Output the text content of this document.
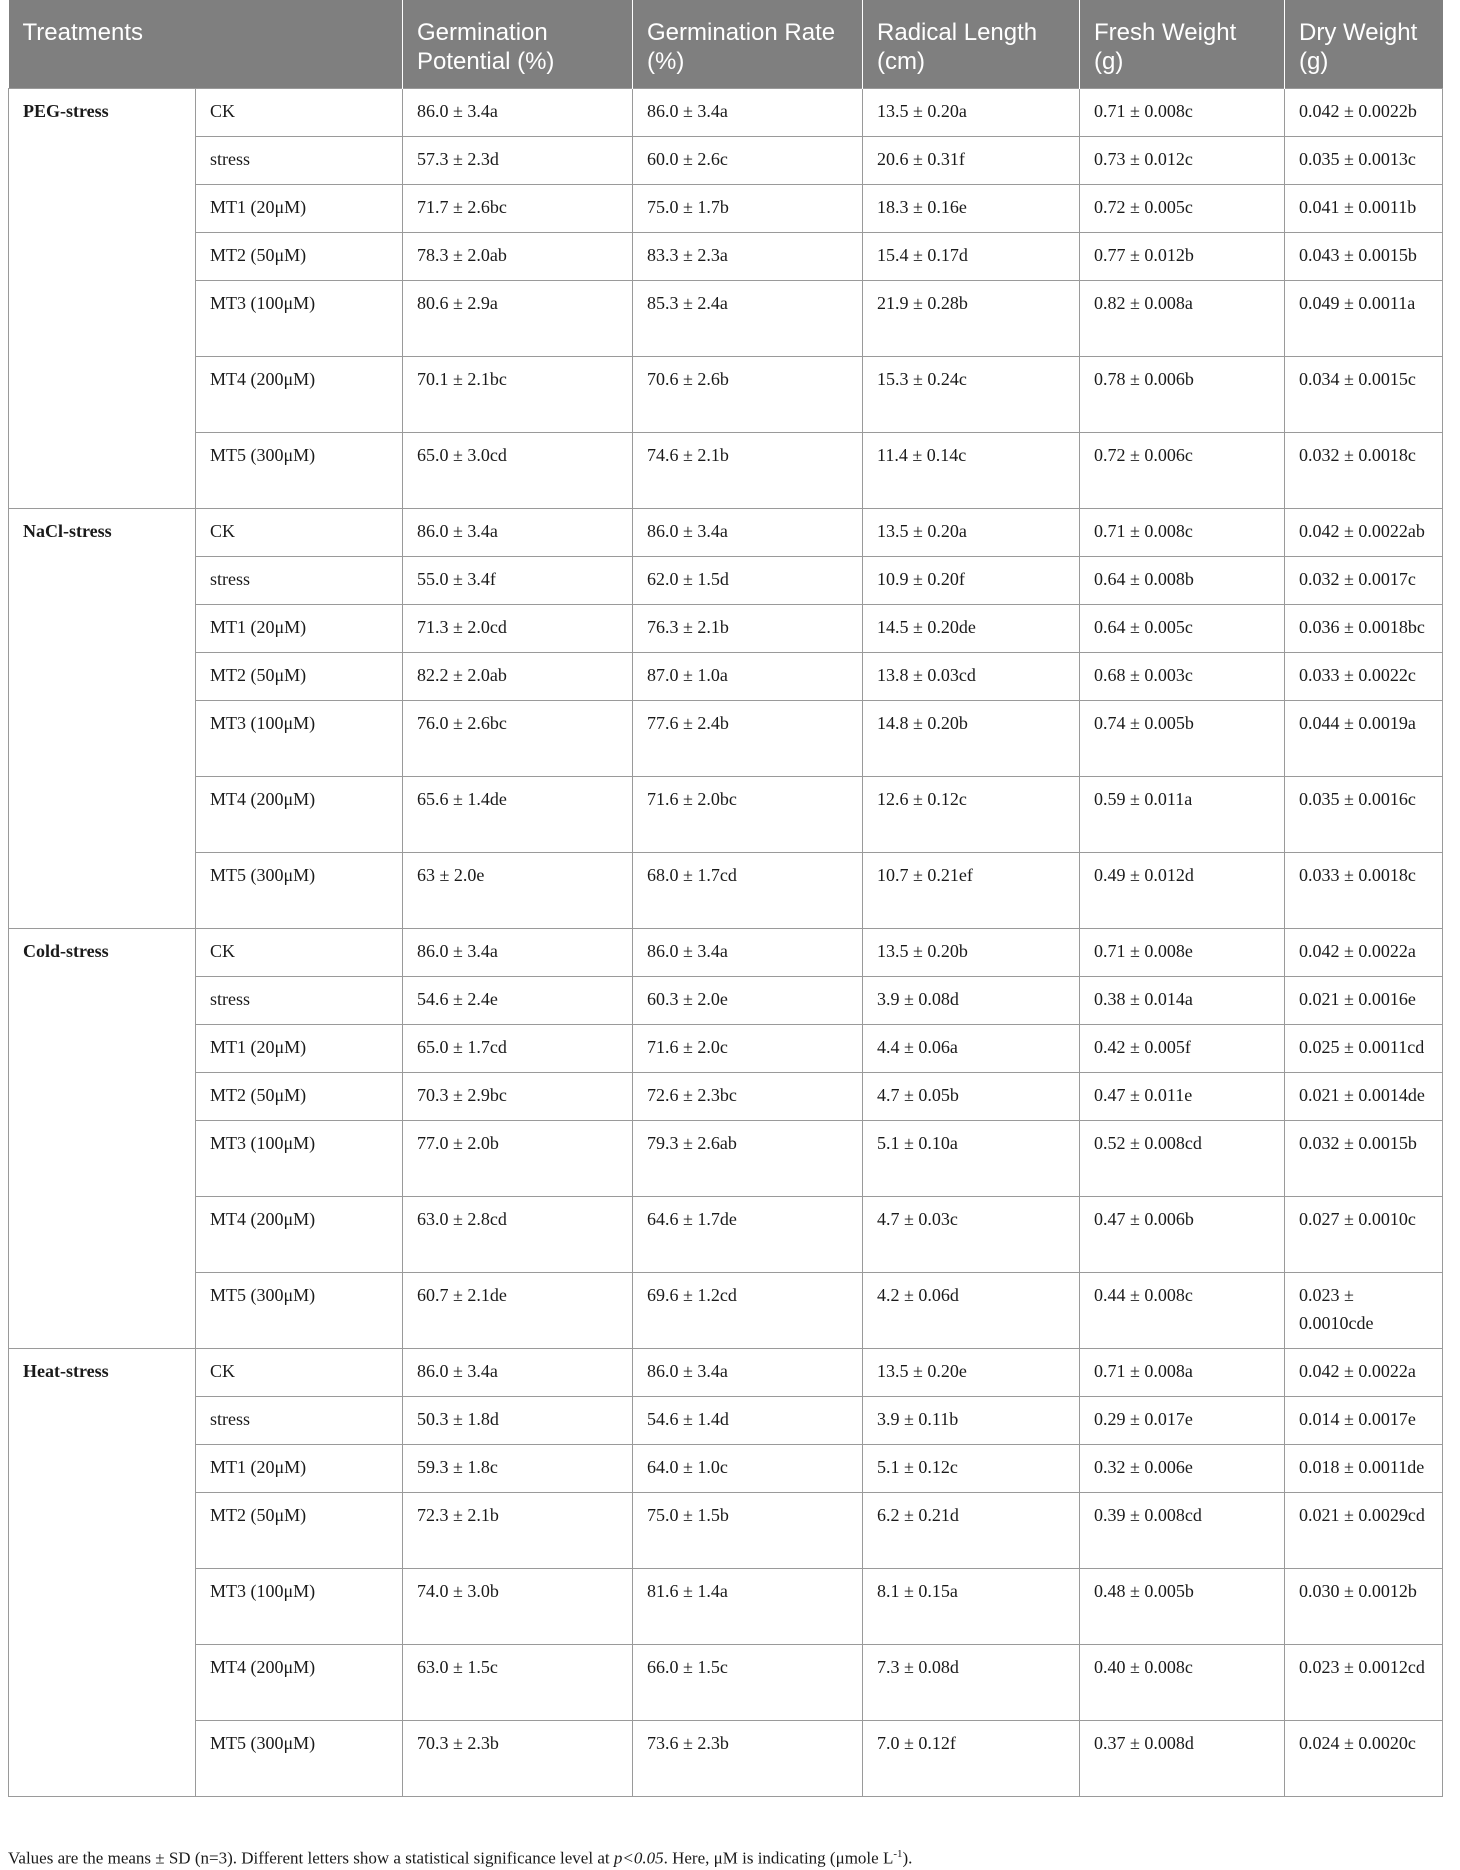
Treatments		Germination Potential (%)	Germination Rate (%)	Radical Length (cm)	Fresh Weight (g)	Dry Weight (g)
PEG-stress	CK	86.0 ± 3.4a	86.0 ± 3.4a	13.5 ± 0.20a	0.71 ± 0.008c	0.042 ± 0.0022b
	stress	57.3 ± 2.3d	60.0 ± 2.6c	20.6 ± 0.31f	0.73 ± 0.012c	0.035 ± 0.0013c
	MT1 (20μM)	71.7 ± 2.6bc	75.0 ± 1.7b	18.3 ± 0.16e	0.72 ± 0.005c	0.041 ± 0.0011b
	MT2 (50μM)	78.3 ± 2.0ab	83.3 ± 2.3a	15.4 ± 0.17d	0.77 ± 0.012b	0.043 ± 0.0015b
	MT3 (100μM)	80.6 ± 2.9a	85.3 ± 2.4a	21.9 ± 0.28b	0.82 ± 0.008a	0.049 ± 0.0011a
	MT4 (200μM)	70.1 ± 2.1bc	70.6 ± 2.6b	15.3 ± 0.24c	0.78 ± 0.006b	0.034 ± 0.0015c
	MT5 (300μM)	65.0 ± 3.0cd	74.6 ± 2.1b	11.4 ± 0.14c	0.72 ± 0.006c	0.032 ± 0.0018c
NaCl-stress	CK	86.0 ± 3.4a	86.0 ± 3.4a	13.5 ± 0.20a	0.71 ± 0.008c	0.042 ± 0.0022ab
	stress	55.0 ± 3.4f	62.0 ± 1.5d	10.9 ± 0.20f	0.64 ± 0.008b	0.032 ± 0.0017c
	MT1 (20μM)	71.3 ± 2.0cd	76.3 ± 2.1b	14.5 ± 0.20de	0.64 ± 0.005c	0.036 ± 0.0018bc
	MT2 (50μM)	82.2 ± 2.0ab	87.0 ± 1.0a	13.8 ± 0.03cd	0.68 ± 0.003c	0.033 ± 0.0022c
	MT3 (100μM)	76.0 ± 2.6bc	77.6 ± 2.4b	14.8 ± 0.20b	0.74 ± 0.005b	0.044 ± 0.0019a
	MT4 (200μM)	65.6 ± 1.4de	71.6 ± 2.0bc	12.6 ± 0.12c	0.59 ± 0.011a	0.035 ± 0.0016c
	MT5 (300μM)	63 ± 2.0e	68.0 ± 1.7cd	10.7 ± 0.21ef	0.49 ± 0.012d	0.033 ± 0.0018c
Cold-stress	CK	86.0 ± 3.4a	86.0 ± 3.4a	13.5 ± 0.20b	0.71 ± 0.008e	0.042 ± 0.0022a
	stress	54.6 ± 2.4e	60.3 ± 2.0e	3.9 ± 0.08d	0.38 ± 0.014a	0.021 ± 0.0016e
	MT1 (20μM)	65.0 ± 1.7cd	71.6 ± 2.0c	4.4 ± 0.06a	0.42 ± 0.005f	0.025 ± 0.0011cd
	MT2 (50μM)	70.3 ± 2.9bc	72.6 ± 2.3bc	4.7 ± 0.05b	0.47 ± 0.011e	0.021 ± 0.0014de
	MT3 (100μM)	77.0 ± 2.0b	79.3 ± 2.6ab	5.1 ± 0.10a	0.52 ± 0.008cd	0.032 ± 0.0015b
	MT4 (200μM)	63.0 ± 2.8cd	64.6 ± 1.7de	4.7 ± 0.03c	0.47 ± 0.006b	0.027 ± 0.0010c
	MT5 (300μM)	60.7 ± 2.1de	69.6 ± 1.2cd	4.2 ± 0.06d	0.44 ± 0.008c	0.023 ± 0.0010cde
Heat-stress	CK	86.0 ± 3.4a	86.0 ± 3.4a	13.5 ± 0.20e	0.71 ± 0.008a	0.042 ± 0.0022a
	stress	50.3 ± 1.8d	54.6 ± 1.4d	3.9 ± 0.11b	0.29 ± 0.017e	0.014 ± 0.0017e
	MT1 (20μM)	59.3 ± 1.8c	64.0 ± 1.0c	5.1 ± 0.12c	0.32 ± 0.006e	0.018 ± 0.0011de
	MT2 (50μM)	72.3 ± 2.1b	75.0 ± 1.5b	6.2 ± 0.21d	0.39 ± 0.008cd	0.021 ± 0.0029cd
	MT3 (100μM)	74.0 ± 3.0b	81.6 ± 1.4a	8.1 ± 0.15a	0.48 ± 0.005b	0.030 ± 0.0012b
	MT4 (200μM)	63.0 ± 1.5c	66.0 ± 1.5c	7.3 ± 0.08d	0.40 ± 0.008c	0.023 ± 0.0012cd
	MT5 (300μM)	70.3 ± 2.3b	73.6 ± 2.3b	7.0 ± 0.12f	0.37 ± 0.008d	0.024 ± 0.0020c
Values are the means ± SD (n=3). Different letters show a statistical significance level at p<0.05. Here, μM is indicating (μmole $L^{-1}$).
